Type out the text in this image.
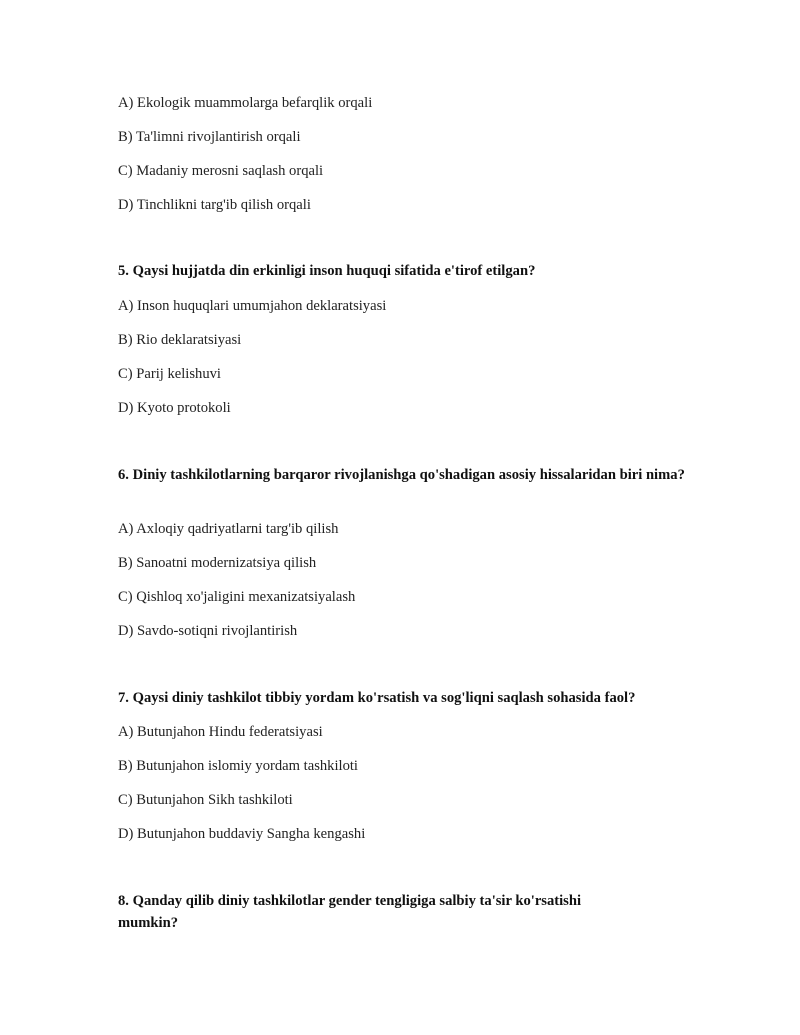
A) Ekologik muammolarga befarqlik orqali
B) Ta'limni rivojlantirish orqali
C) Madaniy merosni saqlash orqali
D) Tinchlikni targ'ib qilish orqali
5. Qaysi hujjatda din erkinligi inson huquqi sifatida e'tirof etilgan?
A) Inson huquqlari umumjahon deklaratsiyasi
B) Rio deklaratsiyasi
C) Parij kelishuvi
D) Kyoto protokoli
6. Diniy tashkilotlarning barqaror rivojlanishga qo'shadigan asosiy hissalaridan biri nima?
A) Axloqiy qadriyatlarni targ'ib qilish
B) Sanoatni modernizatsiya qilish
C) Qishloq xo'jaligini mexanizatsiyalash
D) Savdo-sotiqni rivojlantirish
7. Qaysi diniy tashkilot tibbiy yordam ko'rsatish va sog'liqni saqlash sohasida faol?
A) Butunjahon Hindu federatsiyasi
B) Butunjahon islomiy yordam tashkiloti
C) Butunjahon Sikh tashkiloti
D) Butunjahon buddaviy Sangha kengashi
8. Qanday qilib diniy tashkilotlar gender tengligiga salbiy ta'sir ko'rsatishi mumkin?
